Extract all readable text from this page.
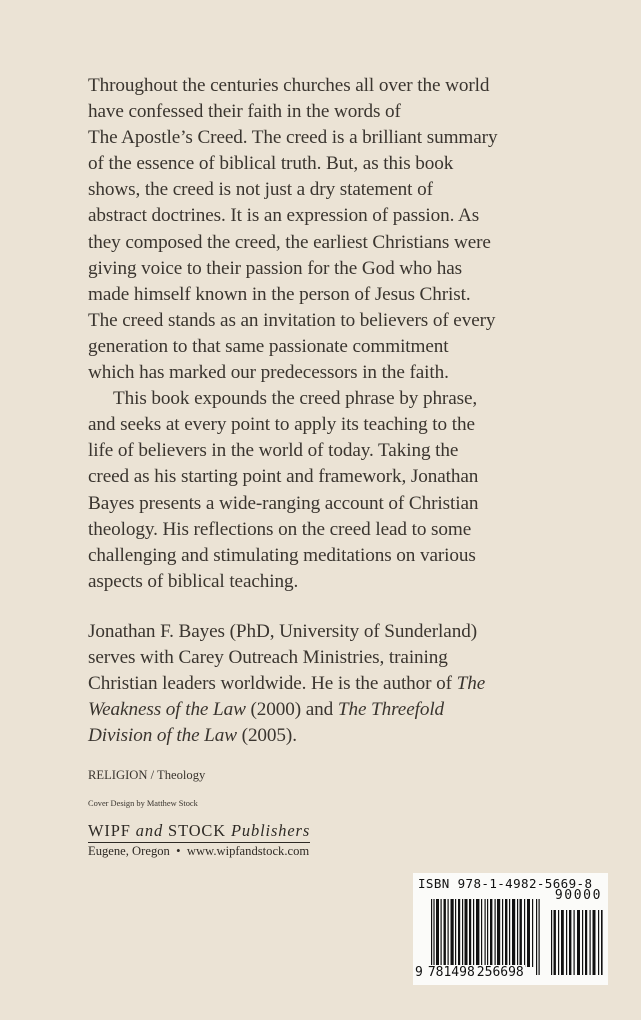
Throughout the centuries churches all over the world
have confessed their faith in the words of
The Apostle’s Creed. The creed is a brilliant summary
of the essence of biblical truth. But, as this book
shows, the creed is not just a dry statement of
abstract doctrines. It is an expression of passion. As
they composed the creed, the earliest Christians were
giving voice to their passion for the God who has
made himself known in the person of Jesus Christ.
The creed stands as an invitation to believers of every
generation to that same passionate commitment
which has marked our predecessors in the faith.

This book expounds the creed phrase by phrase,
and seeks at every point to apply its teaching to the
life of believers in the world of today. Taking the
creed as his starting point and framework, Jonathan
Bayes presents a wide-ranging account of Christian
theology. His reflections on the creed lead to some
challenging and stimulating meditations on various
aspects of biblical teaching.

Jonathan F. Bayes (PhD, University of Sunderland)
serves with Carey Outreach Ministries, training
Christian leaders worldwide. He is the author of The
Weakness of the Law (2000) and The Threefold
Division of the Law (2005).
RELIGION / Theology
Cover Design by Matthew Stock
WIPF and STOCK Publishers
Eugene, Oregon • www.wipfandstock.com
ISBN 978-1-4982-5669-8
90000
9 781498 256698
